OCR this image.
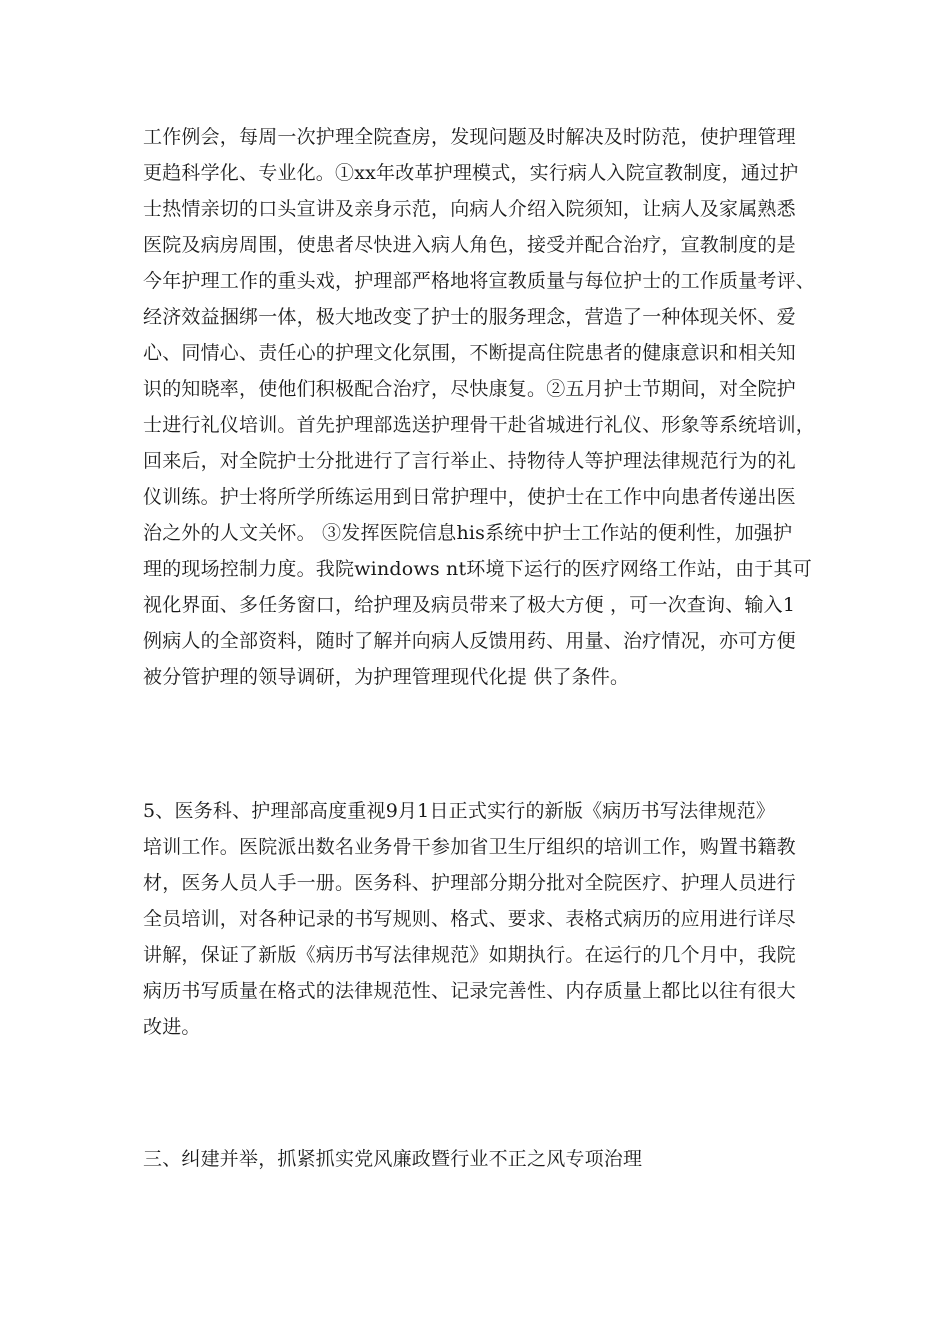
工作例会，每周一次护理全院查房，发现问题及时解决及时防范，使护理管理
更趋科学化、专业化。①xx年改革护理模式，实行病人入院宣教制度，通过护
士热情亲切的口头宣讲及亲身示范，向病人介绍入院须知，让病人及家属熟悉
医院及病房周围，使患者尽快进入病人角色，接受并配合治疗，宣教制度的是
今年护理工作的重头戏，护理部严格地将宣教质量与每位护士的工作质量考评、
经济效益捆绑一体，极大地改变了护士的服务理念，营造了一种体现关怀、爱
心、同情心、责任心的护理文化氛围，不断提高住院患者的健康意识和相关知
识的知晓率，使他们积极配合治疗，尽快康复。②五月护士节期间，对全院护
士进行礼仪培训。首先护理部选送护理骨干赴省城进行礼仪、形象等系统培训，
回来后，对全院护士分批进行了言行举止、持物待人等护理法律规范行为的礼
仪训练。护士将所学所练运用到日常护理中，使护士在工作中向患者传递出医
治之外的人文关怀。 ③发挥医院信息his系统中护士工作站的便利性，加强护
理的现场控制力度。我院windows nt环境下运行的医疗网络工作站，由于其可
视化界面、多任务窗口，给护理及病员带来了极大方便 ，可一次查询、输入1
例病人的全部资料，随时了解并向病人反馈用药、用量、治疗情况，亦可方便
被分管护理的领导调研，为护理管理现代化提 供了条件。
5、医务科、护理部高度重视9月1日正式实行的新版《病历书写法律规范》
培训工作。医院派出数名业务骨干参加省卫生厅组织的培训工作，购置书籍教
材，医务人员人手一册。医务科、护理部分期分批对全院医疗、护理人员进行
全员培训，对各种记录的书写规则、格式、要求、表格式病历的应用进行详尽
讲解，保证了新版《病历书写法律规范》如期执行。在运行的几个月中，我院
病历书写质量在格式的法律规范性、记录完善性、内存质量上都比以往有很大
改进。
三、纠建并举，抓紧抓实党风廉政暨行业不正之风专项治理
